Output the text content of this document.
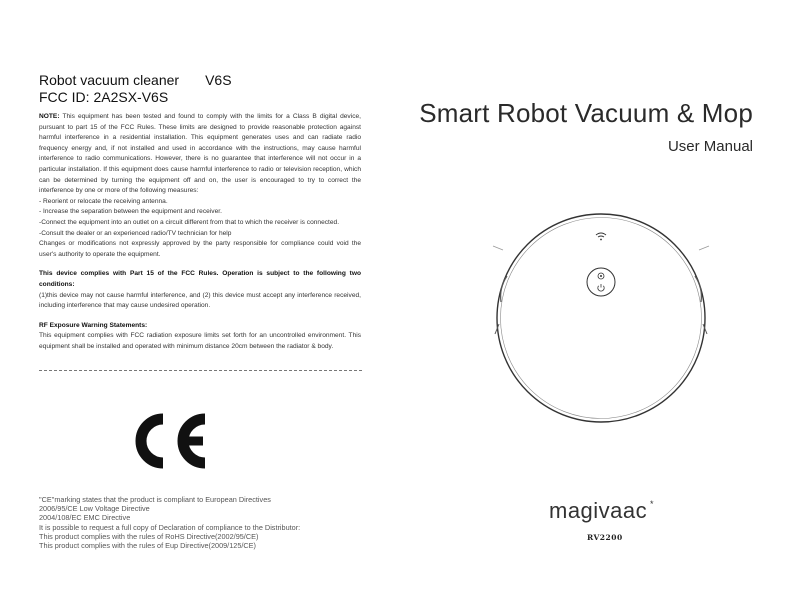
Robot vacuum cleaner V6S
FCC ID: 2A2SX-V6S

NOTE: This equipment has been tested and found to comply with the limits for a Class B digital device, pursuant to part 15 of the FCC Rules. These limits are designed to provide reasonable protection against harmful interference in a residential installation. This equipment generates uses and can radiate radio frequency energy and, if not installed and used in accordance with the instructions, may cause harmful interference to radio communications. However, there is no guarantee that interference will not occur in a particular installation. If this equipment does cause harmful interference to radio or television reception, which can be determined by turning the equipment off and on, the user is encouraged to try to correct the interference by one or more of the following measures:

- Reorient or relocate the receiving antenna.

- Increase the separation between the equipment and receiver.

-Connect the equipment into an outlet on a circuit different from that to which the receiver is connected.

-Consult the dealer or an experienced radio/TV technician for help

Changes or modifications not expressly approved by the party responsible for compliance could void the user's authority to operate the equipment.

This device complies with Part 15 of the FCC Rules. Operation is subject to the following two conditions:

(1)this device may not cause harmful interference, and (2) this device must accept any interference received, including interference that may cause undesired operation.

RF Exposure Warning Statements:

This equipment complies with FCC radiation exposure limits set forth for an uncontrolled environment. This equipment shall be installed and operated with minimum distance 20cm between the radiator & body.

"CE"marking states that the product is compliant to European Directives
2006/95/CE Low Voltage Directive
2004/108/EC EMC Directive
It is possible to request a full copy of Declaration of compliance to the Distributor:
This product complies with the rules of RoHS Directive(2002/95/CE)
This product complies with the rules of Eup Directive(2009/125/CE)
Smart Robot Vacuum & Mop
User Manual
magivaac *
RV2200
